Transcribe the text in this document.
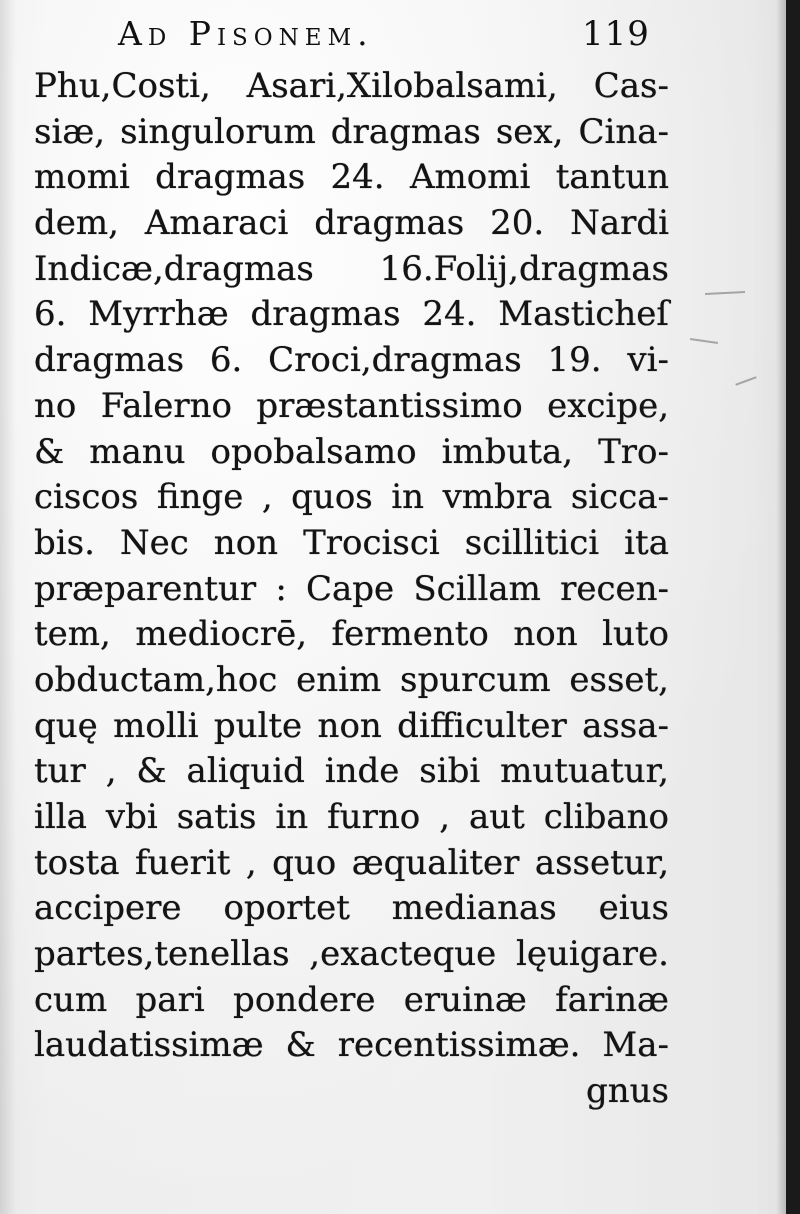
Ad Pisonem.	119
Phu,Costi, Asari,Xilobalsami, Cas-
siæ, singulorum dragmas sex, Cina-
momi dragmas 24. Amomi tantun
dem, Amaraci dragmas 20. Nardi
Indicæ,dragmas 16.Folij,dragmas
6. Myrrhæ dragmas 24. Masticheſ
dragmas 6. Croci,dragmas 19. vi-
no Falerno præstantissimo excipe,
& manu opobalsamo imbuta, Tro-
ciscos finge , quos in vmbra sicca-
bis. Nec non Trocisci scillitici ita
præparentur : Cape Scillam recen-
tem, mediocrē, fermento non luto
obductam,hoc enim spurcum esset,
quę molli pulte non difficulter assa-
tur , & aliquid inde sibi mutuatur,
illa vbi satis in furno , aut clibano
tosta fuerit , quo æqualiter assetur,
accipere oportet medianas eius
partes,tenellas ,exacteque lęuigare.
cum pari pondere eruinæ farinæ
laudatissimæ & recentissimæ. Ma-
gnus
